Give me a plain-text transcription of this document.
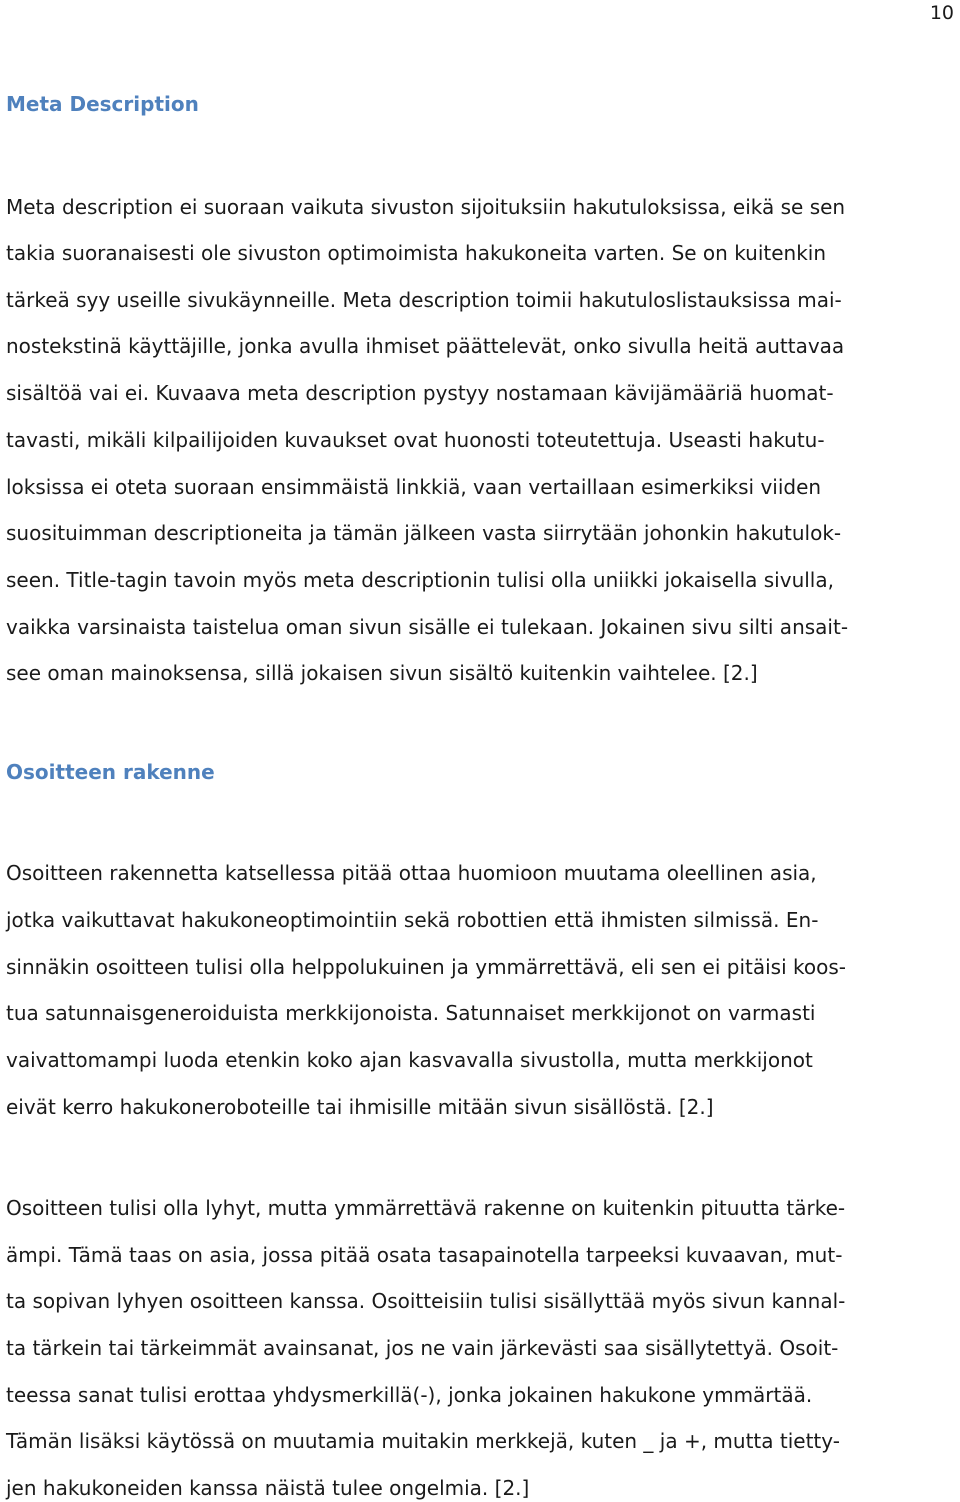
10
Meta Description
Meta description ei suoraan vaikuta sivuston sijoituksiin hakutuloksissa, eikä se sen
takia suoranaisesti ole sivuston optimoimista hakukoneita varten. Se on kuitenkin
tärkeä syy useille sivukäynneille. Meta description toimii hakutuloslistauksissa mai-
nostekstinä käyttäjille, jonka avulla ihmiset päättelevät, onko sivulla heitä auttavaa
sisältöä vai ei. Kuvaava meta description pystyy nostamaan kävijämääriä huomat-
tavasti, mikäli kilpailijoiden kuvaukset ovat huonosti toteutettuja. Useasti hakutu-
loksissa ei oteta suoraan ensimmäistä linkkiä, vaan vertaillaan esimerkiksi viiden
suosituimman descriptioneita ja tämän jälkeen vasta siirrytään johonkin hakutulok-
seen. Title-tagin tavoin myös meta descriptionin tulisi olla uniikki jokaisella sivulla,
vaikka varsinaista taistelua oman sivun sisälle ei tulekaan. Jokainen sivu silti ansait-
see oman mainoksensa, sillä jokaisen sivun sisältö kuitenkin vaihtelee. [2.]
Osoitteen rakenne
Osoitteen rakennetta katsellessa pitää ottaa huomioon muutama oleellinen asia,
jotka vaikuttavat hakukoneoptimointiin sekä robottien että ihmisten silmissä. En-
sinnäkin osoitteen tulisi olla helppolukuinen ja ymmärrettävä, eli sen ei pitäisi koos-
tua satunnaisgeneroiduista merkkijonoista. Satunnaiset merkkijonot on varmasti
vaivattomampi luoda etenkin koko ajan kasvavalla sivustolla, mutta merkkijonot
eivät kerro hakukoneroboteille tai ihmisille mitään sivun sisällöstä. [2.]
Osoitteen tulisi olla lyhyt, mutta ymmärrettävä rakenne on kuitenkin pituutta tärke-
ämpi. Tämä taas on asia, jossa pitää osata tasapainotella tarpeeksi kuvaavan, mut-
ta sopivan lyhyen osoitteen kanssa. Osoitteisiin tulisi sisällyttää myös sivun kannal-
ta tärkein tai tärkeimmät avainsanat, jos ne vain järkevästi saa sisällytettyä. Osoit-
teessa sanat tulisi erottaa yhdysmerkillä(-), jonka jokainen hakukone ymmärtää.
Tämän lisäksi käytössä on muutamia muitakin merkkejä, kuten _ ja +, mutta tietty-
jen hakukoneiden kanssa näistä tulee ongelmia. [2.]
